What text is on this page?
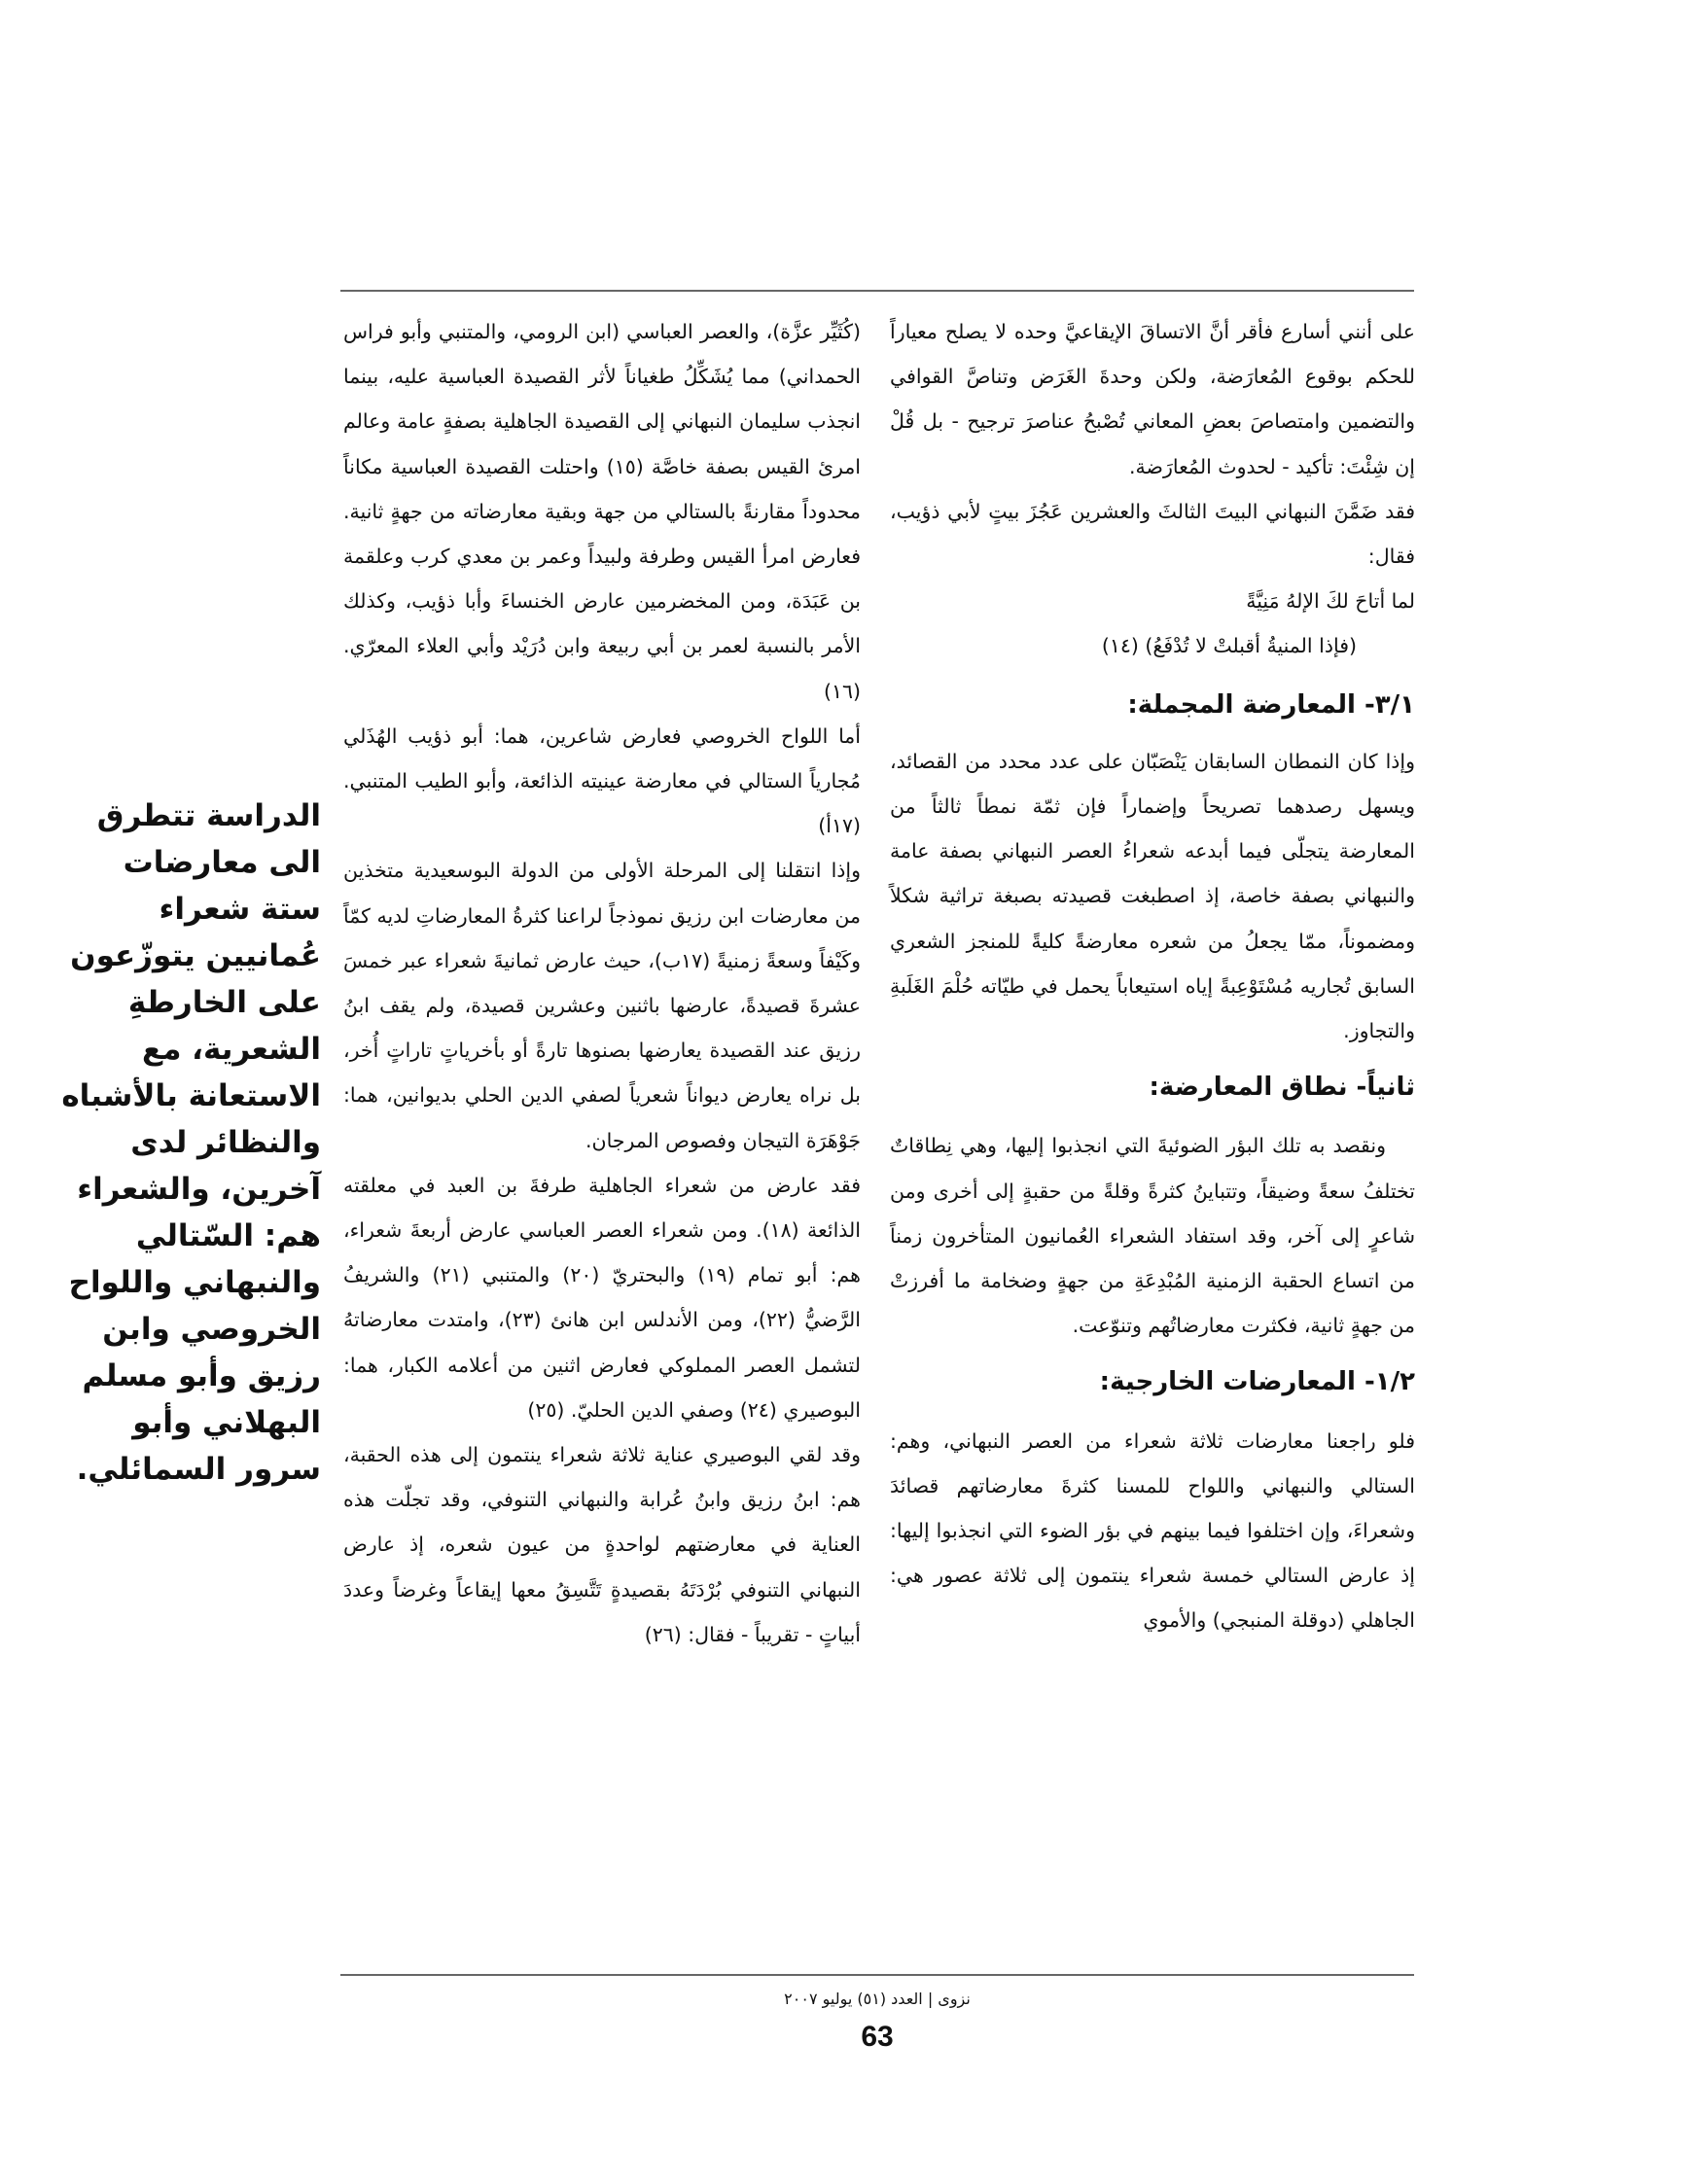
على أنني أسارع فأقر أنَّ الاتساقَ الإيقاعيَّ وحده لا يصلح معياراً للحكم بوقوع المُعارَضة، ولكن وحدةَ الغَرَض وتناصَّ القوافي والتضمين وامتصاصَ بعضِ المعاني تُصْبحُ عناصرَ ترجيح - بل قُلْ إن شِئْتَ: تأكيد - لحدوث المُعارَضة.

فقد ضَمَّنَ النبهاني البيتَ الثالثَ والعشرين عَجُزَ بيتٍ لأبي ذؤيب، فقال:

لما أتاحَ لكَ الإلهُ مَنِيَّةً
(فإذا المنيةُ أقبلتْ لا تُدْفَعُ) (١٤)
٣/١- المعارضة المجملة:

وإذا كان النمطان السابقان يَنْصَبّان على عدد محدد من القصائد، ويسهل رصدهما تصريحاً وإضماراً فإن ثمّة نمطاً ثالثاً من المعارضة يتجلّى فيما أبدعه شعراءُ العصر النبهاني بصفة عامة والنبهاني بصفة خاصة، إذ اصطبغت قصيدته بصبغة تراثية شكلاً ومضموناً، ممّا يجعلُ من شعره معارضةً كليةً للمنجز الشعري السابق تُجاريه مُسْتَوْعِبةً إياه استيعاباً يحمل في طيّاته حُلْمَ الغَلَبةِ والتجاوز.

ثانياً- نطاق المعارضة:

ونقصد به تلك البؤر الضوئيةَ التي انجذبوا إليها، وهي نِطاقاتٌ تختلفُ سعةً وضيقاً، وتتباينُ كثرةً وقلةً من حقبةٍ إلى أخرى ومن شاعرٍ إلى آخر، وقد استفاد الشعراء العُمانيون المتأخرون زمناً من اتساع الحقبة الزمنية المُبْدِعَةِ من جهةٍ وضخامة ما أفرزتْ من جهةٍ ثانية، فكثرت معارضاتُهم وتنوّعت.

١/٢- المعارضات الخارجية:

فلو راجعنا معارضات ثلاثة شعراء من العصر النبهاني، وهم: الستالي والنبهاني واللواح للمسنا كثرةَ معارضاتهم قصائدَ وشعراءَ، وإن اختلفوا فيما بينهم في بؤر الضوء التي انجذبوا إليها: إذ عارض الستالي خمسة شعراء ينتمون إلى ثلاثة عصور هي: الجاهلي (دوقلة المنبجي) والأموي

(كُثَيِّر عزَّة)، والعصر العباسي (ابن الرومي، والمتنبي وأبو فراس الحمداني) مما يُشَكِّلُ طغياناً لأثر القصيدة العباسية عليه، بينما انجذب سليمان النبهاني إلى القصيدة الجاهلية بصفةٍ عامة وعالم امرئ القيس بصفة خاصَّة (١٥) واحتلت القصيدة العباسية مكاناً محدوداً مقارنةً بالستالي من جهة وبقية معارضاته من جهةٍ ثانية. فعارض امرأ القيس وطرفة ولبيداً وعمر بن معدي كرب وعلقمة بن عَبَدَة، ومن المخضرمين عارض الخنساءَ وأبا ذؤيب، وكذلك الأمر بالنسبة لعمر بن أبي ربيعة وابن دُرَيْد وأبي العلاء المعرّي. (١٦)

أما اللواح الخروصي فعارض شاعرين، هما: أبو ذؤيب الهُذَلي مُجارياً الستالي في معارضة عينيته الذائعة، وأبو الطيب المتنبي. (١٧أ)

وإذا انتقلنا إلى المرحلة الأولى من الدولة البوسعيدية متخذين من معارضات ابن رزيق نموذجاً لراعنا كثرةُ المعارضاتِ لديه كمّاً وكَيْفاً وسعةً زمنيةً (١٧ب)، حيث عارض ثمانيةَ شعراء عبر خمسَ عشرةَ قصيدةً، عارضها باثنين وعشرين قصيدة، ولم يقف ابنُ رزيق عند القصيدة يعارضها بصنوها تارةً أو بأخرياتٍ تاراتٍ أُخر، بل نراه يعارض ديواناً شعرياً لصفي الدين الحلي بديوانين، هما: جَوْهَرَة التيجان وفصوص المرجان.

فقد عارض من شعراء الجاهلية طرفةَ بن العبد في معلقته الذائعة (١٨). ومن شعراء العصر العباسي عارض أربعةَ شعراء، هم: أبو تمام (١٩) والبحتريّ (٢٠) والمتنبي (٢١) والشريفُ الرَّضيُّ (٢٢)، ومن الأندلس ابن هانئ (٢٣)، وامتدت معارضاتهُ لتشمل العصر المملوكي فعارض اثنين من أعلامه الكبار، هما: البوصيري (٢٤) وصفي الدين الحليّ. (٢٥)

وقد لقي البوصيري عناية ثلاثة شعراء ينتمون إلى هذه الحقبة، هم: ابنُ رزيق وابنُ عُرابة والنبهاني التنوفي، وقد تجلّت هذه العناية في معارضتهم لواحدةٍ من عيون شعره، إذ عارض النبهاني التنوفي بُرْدَتَهُ بقصيدةٍ تَتَّسِقُ معها إيقاعاً وغرضاً وعددَ أبياتٍ - تقريباً - فقال: (٢٦)

الدراسة تتطرق الى معارضات ستة شعراء عُمانيين يتوزّعون على الخارطةِ الشعرية، مع الاستعانة بالأشباه والنظائر لدى آخرين، والشعراء هم: السّتالي والنبهاني واللواح الخروصي وابن رزيق وأبو مسلم البهلاني وأبو سرور السمائلي.
نزوى | العدد (٥١) يوليو ٢٠٠٧
63
